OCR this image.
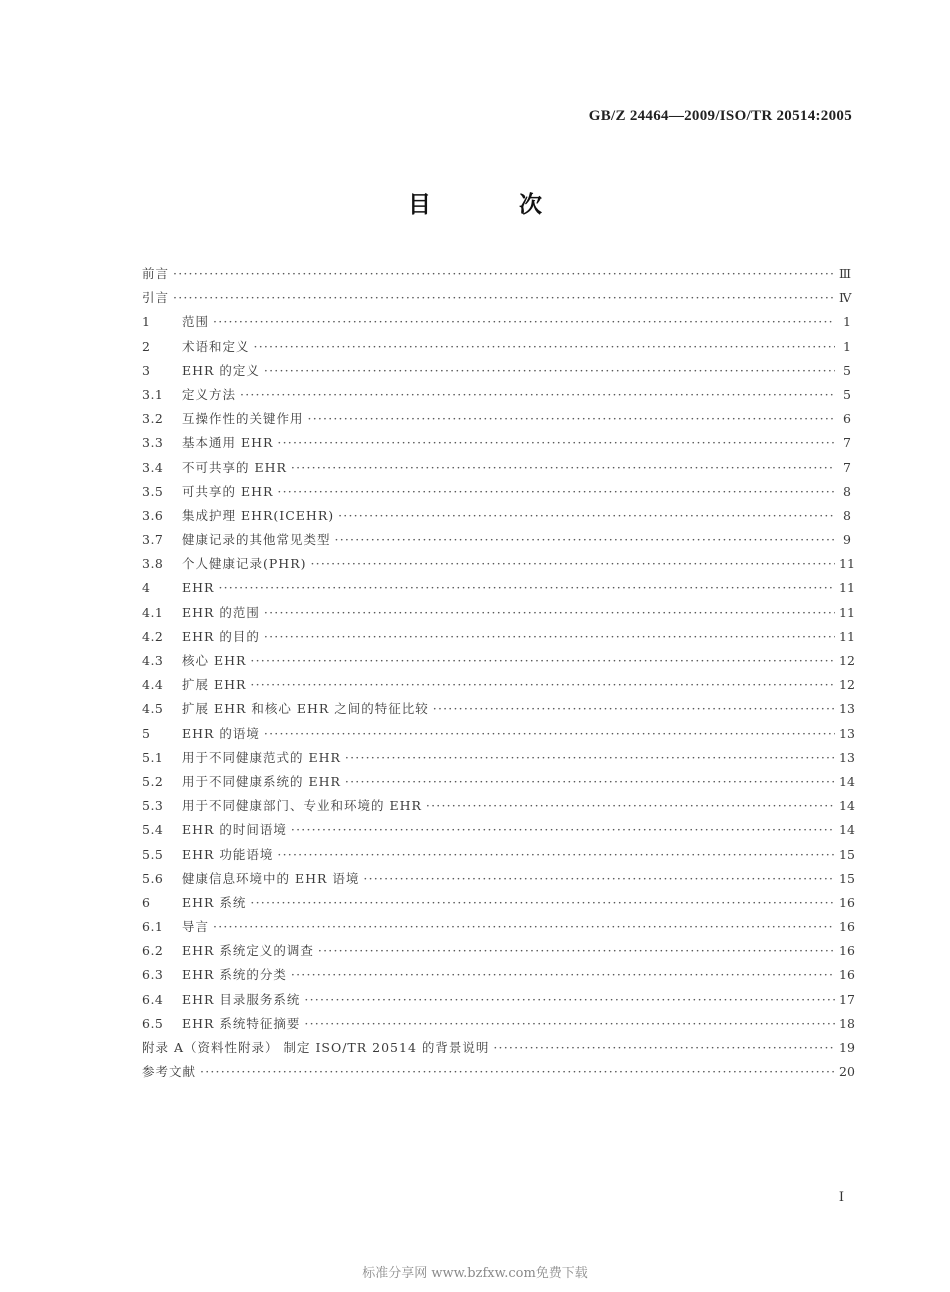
GB/Z 24464—2009/ISO/TR 20514:2005
目 次
前言 ·····	Ⅲ
引言 ·····	Ⅳ
1	范围 ·····	1
2	术语和定义 ·····	1
3	EHR 的定义 ·····	5
3.1	定义方法 ·····	5
3.2	互操作性的关键作用 ·····	6
3.3	基本通用 EHR ·····	7
3.4	不可共享的 EHR ·····	7
3.5	可共享的 EHR ·····	8
3.6	集成护理 EHR(ICEHR) ·····	8
3.7	健康记录的其他常见类型 ·····	9
3.8	个人健康记录(PHR) ·····	11
4	EHR ·····	11
4.1	EHR 的范围 ·····	11
4.2	EHR 的目的 ·····	11
4.3	核心 EHR ·····	12
4.4	扩展 EHR ·····	12
4.5	扩展 EHR 和核心 EHR 之间的特征比较 ·····	13
5	EHR 的语境 ·····	13
5.1	用于不同健康范式的 EHR ·····	13
5.2	用于不同健康系统的 EHR ·····	14
5.3	用于不同健康部门、专业和环境的 EHR ·····	14
5.4	EHR 的时间语境 ·····	14
5.5	EHR 功能语境 ·····	15
5.6	健康信息环境中的 EHR 语境 ·····	15
6	EHR 系统 ·····	16
6.1	导言 ·····	16
6.2	EHR 系统定义的调查 ·····	16
6.3	EHR 系统的分类 ·····	16
6.4	EHR 目录服务系统 ·····	17
6.5	EHR 系统特征摘要 ·····	18
附录 A（资料性附录） 制定 ISO/TR 20514 的背景说明 ·····	19
参考文献 ·····	20
Ⅰ
标准分享网 www.bzfxw.com免费下载
